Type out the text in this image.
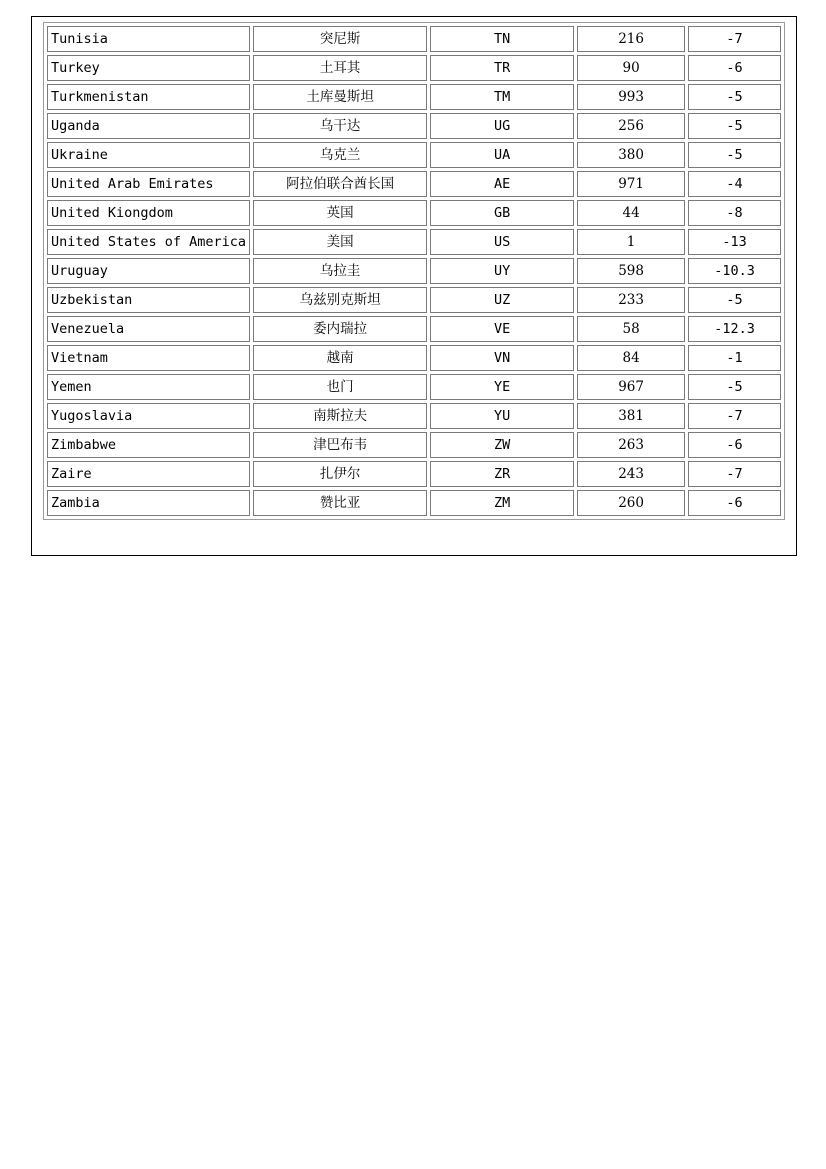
Tunisia	突尼斯	TN	216	-7
Turkey	土耳其	TR	90	-6
Turkmenistan	土库曼斯坦	TM	993	-5
Uganda	乌干达	UG	256	-5
Ukraine	乌克兰	UA	380	-5
United Arab Emirates	阿拉伯联合酋长国	AE	971	-4
United Kiongdom	英国	GB	44	-8
United States of America	美国	US	1	-13
Uruguay	乌拉圭	UY	598	-10.3
Uzbekistan	乌兹别克斯坦	UZ	233	-5
Venezuela	委内瑞拉	VE	58	-12.3
Vietnam	越南	VN	84	-1
Yemen	也门	YE	967	-5
Yugoslavia	南斯拉夫	YU	381	-7
Zimbabwe	津巴布韦	ZW	263	-6
Zaire	扎伊尔	ZR	243	-7
Zambia	赞比亚	ZM	260	-6
